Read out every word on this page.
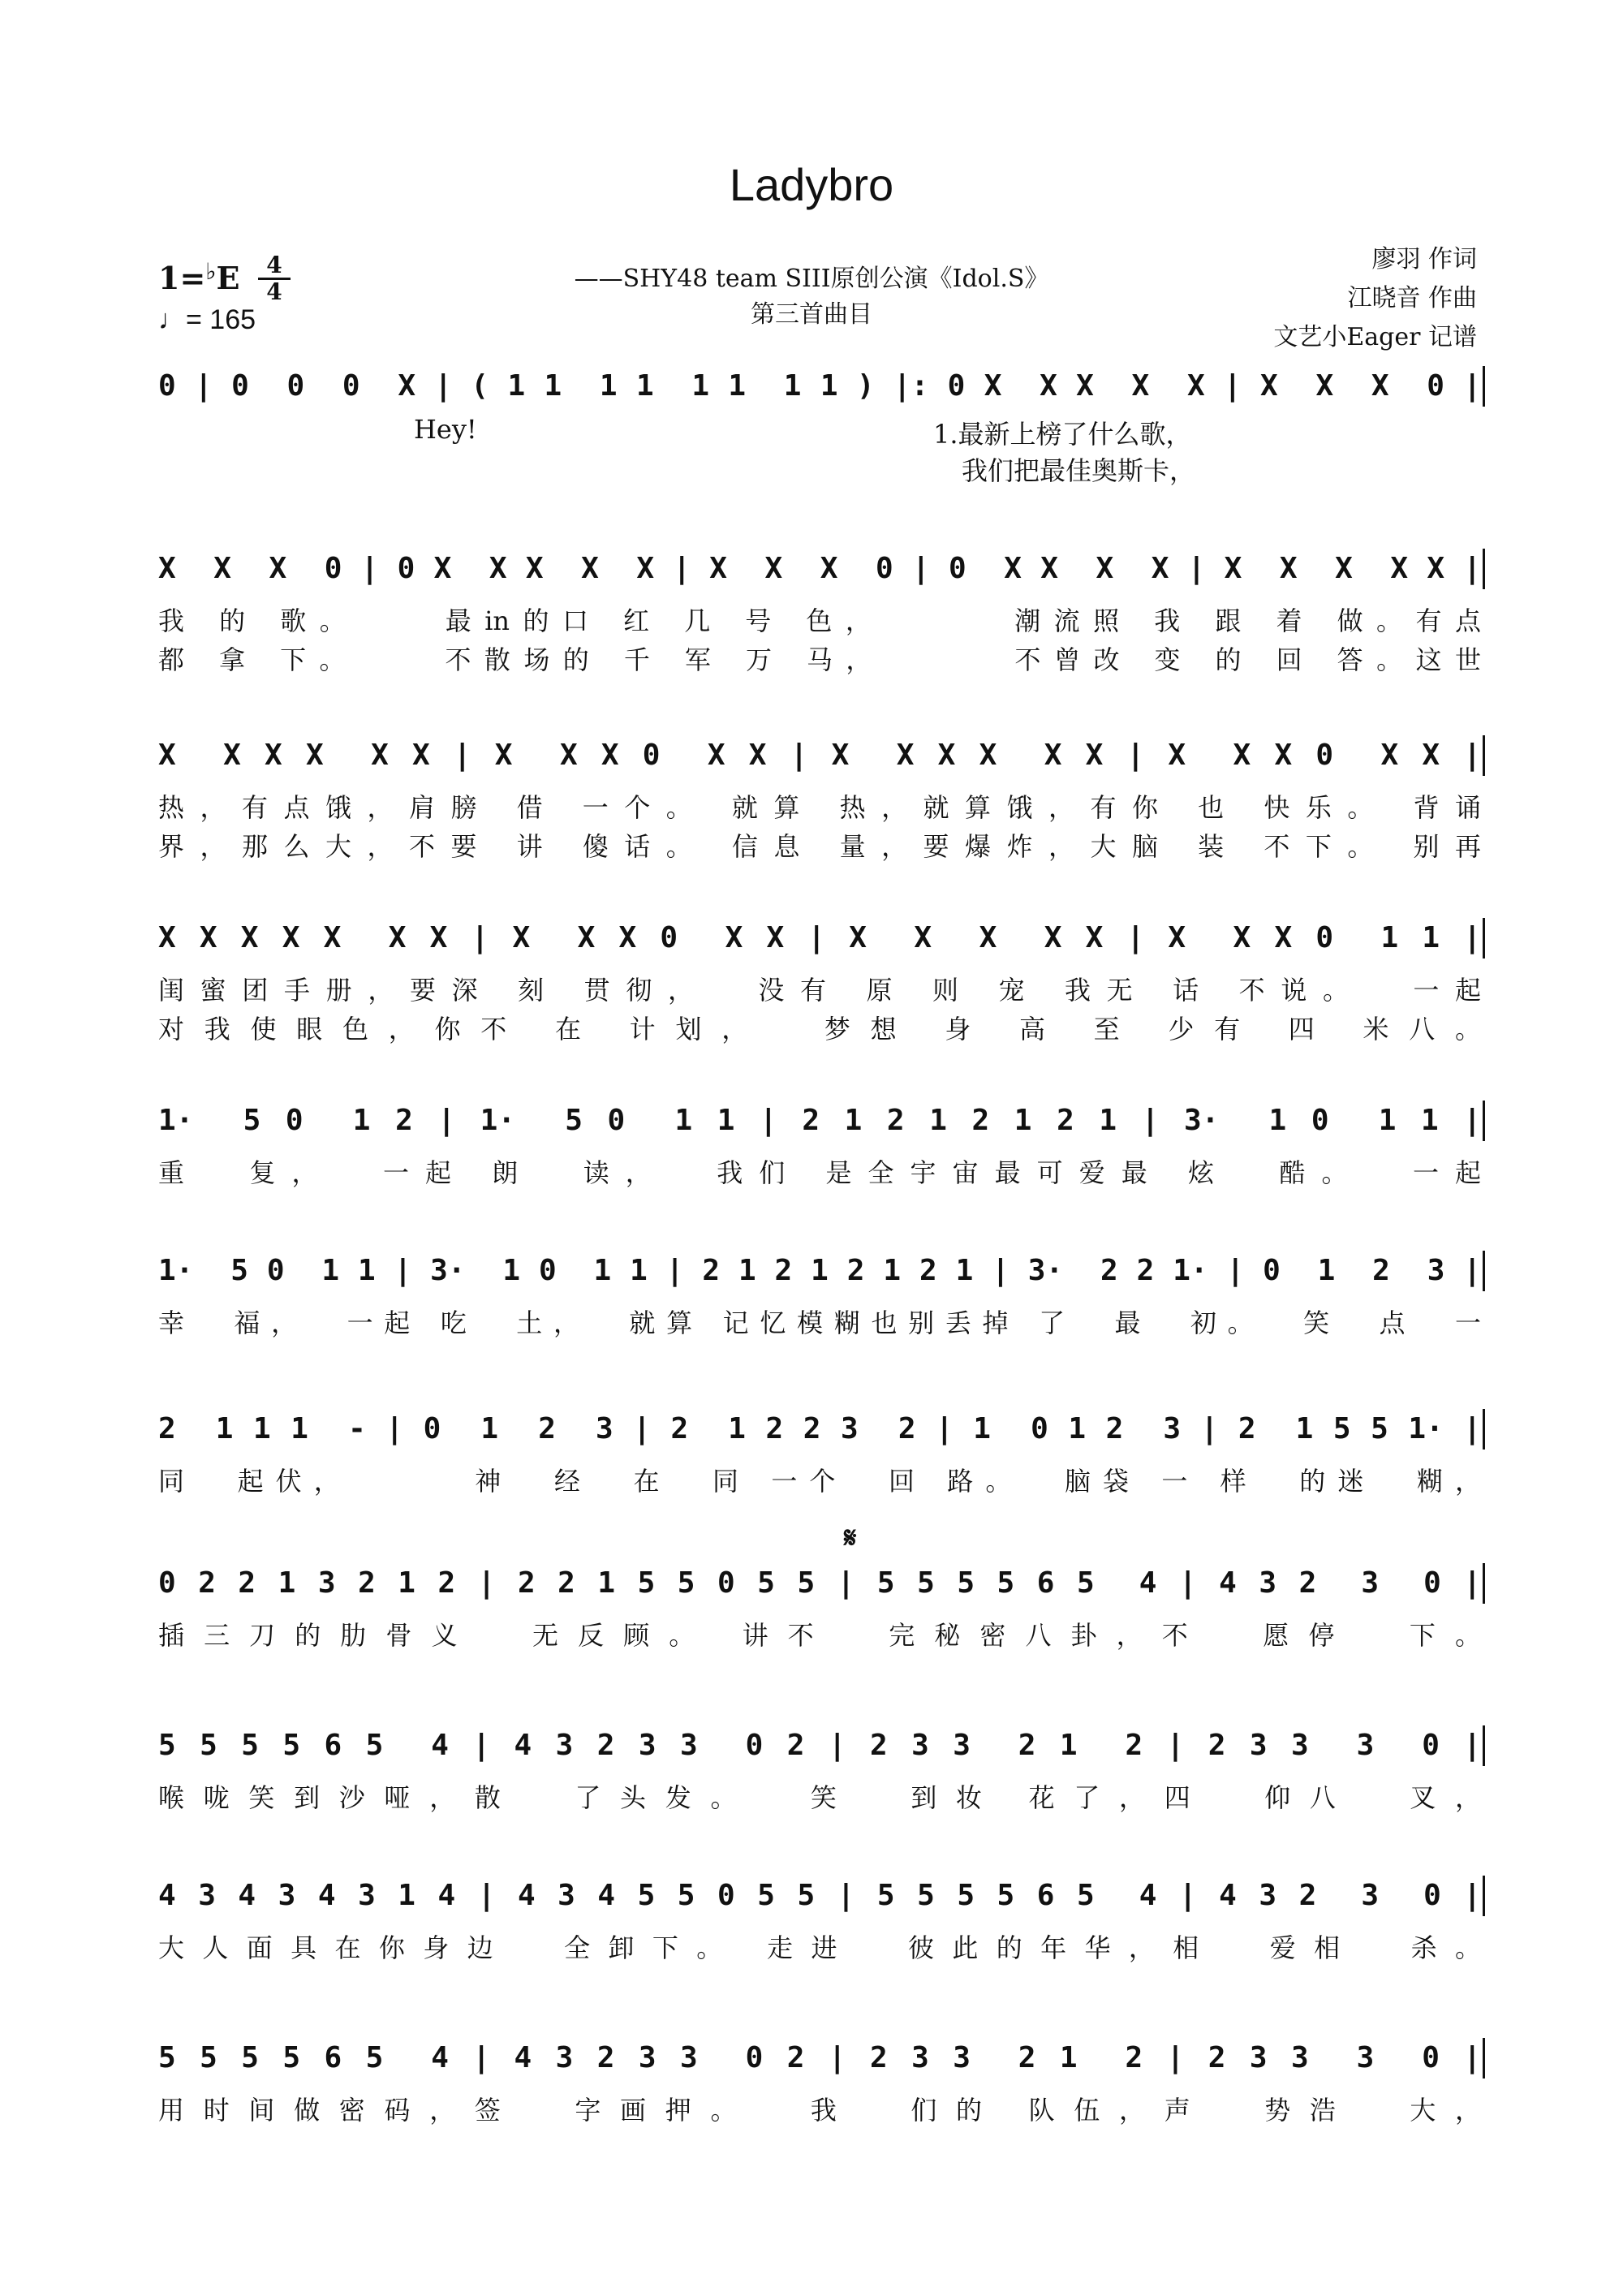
Ladybro
1=♭E	4
4
♩= 165
——SHY48 team SIII原创公演《Idol.S》
第三首曲目
廖羽 作词
江晓音 作曲
文艺小Eager 记谱
0 | 0  0  0  X | ( 1 1  1 1  1 1  1 1 ) |: 0 X  X X  X  X | X  X  X  0 |
Hey!	1.最新上榜了什么歌，
我们把最佳奥斯卡，
X  X  X  0 | 0 X  X X  X  X | X  X  X  0 | 0  X X  X  X | X  X  X  X X |
我 的 歌。    最in的口 红 几 号 色，      潮流照 我 跟 着 做。有点
都 拿 下。    不散场的 千 军 万 马，      不曾改 变 的 回 答。这世
X  X X X  X X | X  X X 0  X X | X  X X X  X X | X  X X 0  X X |
热，有点饿，肩膀 借 一个。 就算 热，就算饿，有你 也 快乐。 背诵
界，那么大，不要 讲 傻话。 信息 量，要爆炸，大脑 装 不下。 别再
X X X X X  X X | X  X X 0  X X | X  X  X  X X | X  X X 0  1 1 |
闺蜜团手册，要深 刻 贯彻，  没有 原 则 宠 我无 话 不说。  一起
对我使眼色，你不 在 计划，  梦想 身 高 至 少有 四 米八。
1·  5 0  1 2 | 1·  5 0  1 1 | 2 1 2 1 2 1 2 1 | 3·  1 0  1 1 |
重  复，  一起 朗  读，  我们 是全宇宙最可爱最 炫  酷。  一起
1·  5 0  1 1 | 3·  1 0  1 1 | 2 1 2 1 2 1 2 1 | 3·  2 2 1· | 0  1  2  3 |
幸  福，  一起 吃  土，  就算 记忆模糊也别丢掉 了  最  初。  笑  点  一
2  1 1 1  - | 0  1  2  3 | 2  1 2 2 3  2 | 1  0 1 2  3 | 2  1 5 5 1· |
同  起伏，      神  经  在  同 一个  回 路。  脑袋 一 样  的迷  糊，
0 2 2 1 3 2 1 2 | 2 2 1 5 5 0 5 5 | 5 5 5 5 6 5  4 | 4 3 2  3  0 |
𝄋
插三刀的肋骨义  无反顾。 讲不  完秘密八卦，不  愿停  下。
5 5 5 5 6 5  4 | 4 3 2 3 3  0 2 | 2 3 3  2 1  2 | 2 3 3  3  0 |
喉咙笑到沙哑，散  了头发。  笑  到妆 花了，四  仰八  叉，
4 3 4 3 4 3 1 4 | 4 3 4 5 5 0 5 5 | 5 5 5 5 6 5  4 | 4 3 2  3  0 |
大人面具在你身边  全卸下。 走进  彼此的年华，相  爱相  杀。
5 5 5 5 6 5  4 | 4 3 2 3 3  0 2 | 2 3 3  2 1  2 | 2 3 3  3  0 |
用时间做密码，签  字画押。  我  们的 队伍，声  势浩  大，
